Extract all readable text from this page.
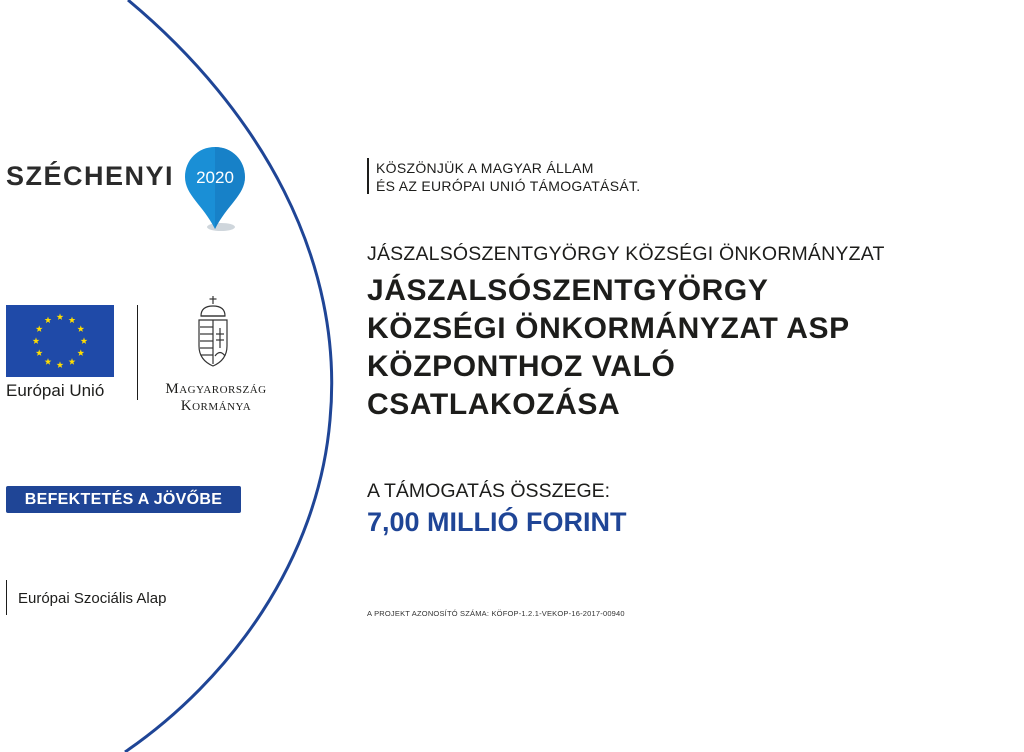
SZÉCHENYI 2020
Európai Unió	Magyarország
Kormánya
BEFEKTETÉS A JÖVŐBE
Európai Szociális Alap
KÖSZÖNJÜK A MAGYAR ÁLLAM
ÉS AZ EURÓPAI UNIÓ TÁMOGATÁSÁT.
JÁSZALSÓSZENTGYÖRGY KÖZSÉGI ÖNKORMÁNYZAT
JÁSZALSÓSZENTGYÖRGY
KÖZSÉGI ÖNKORMÁNYZAT ASP
KÖZPONTHOZ VALÓ
CSATLAKOZÁSA
A TÁMOGATÁS ÖSSZEGE:
7,00 MILLIÓ FORINT
A PROJEKT AZONOSÍTÓ SZÁMA: KÖFOP-1.2.1-VEKOP-16-2017-00940
